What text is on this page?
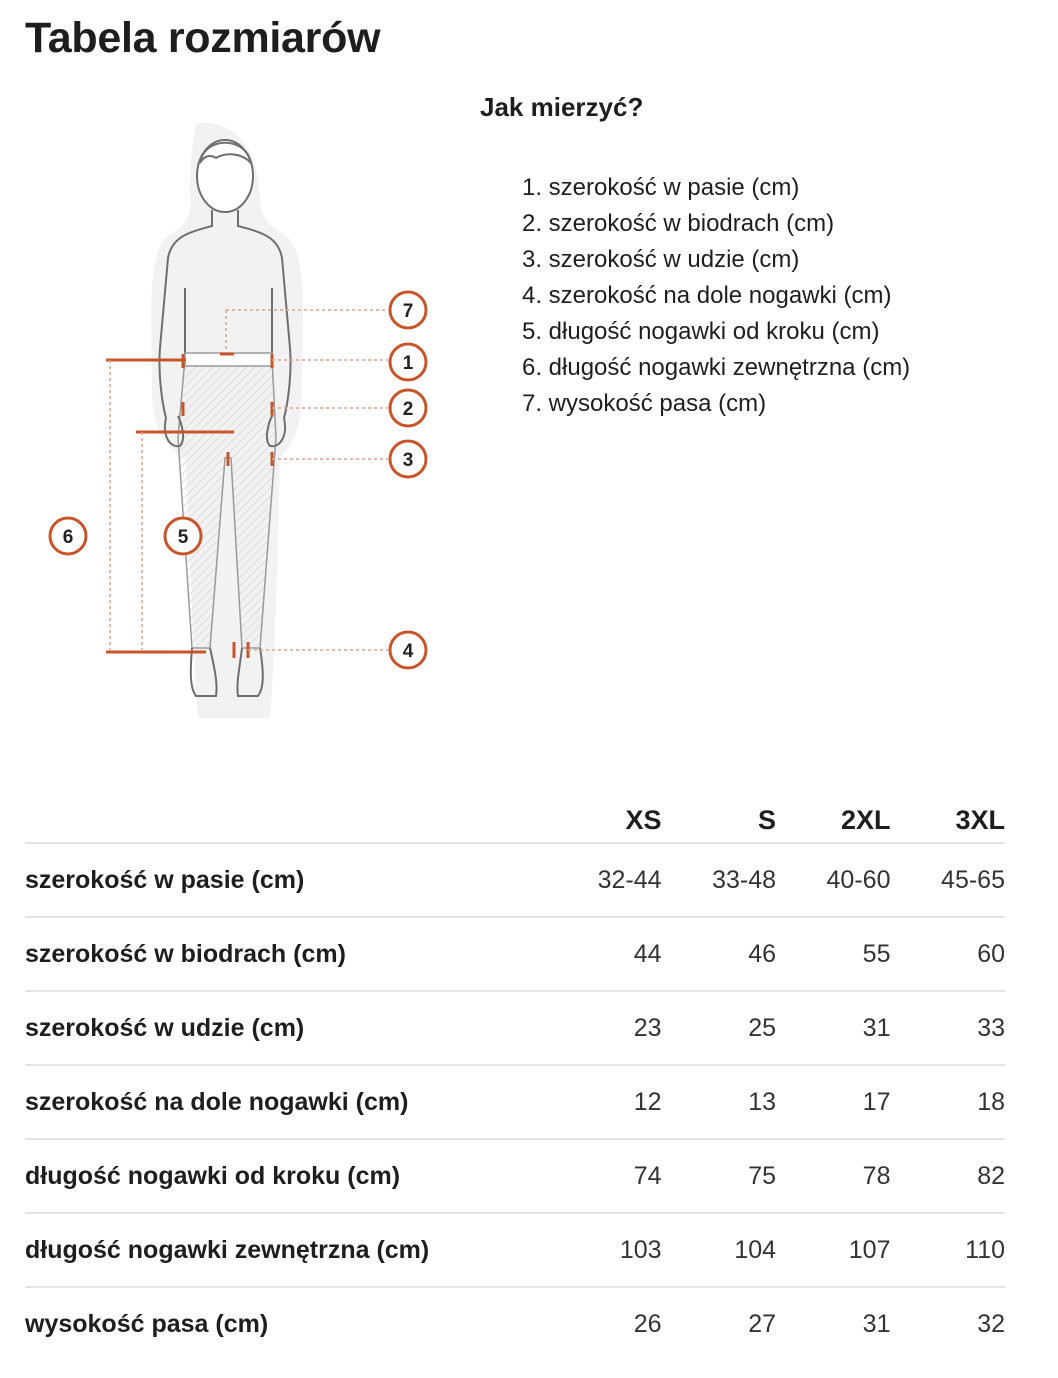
Tabela rozmiarów
7
1
2
3
4
5
6
Jak mierzyć?
1. szerokość w pasie (cm)
2. szerokość w biodrach (cm)
3. szerokość w udzie (cm)
4. szerokość na dole nogawki (cm)
5. długość nogawki od kroku (cm)
6. długość nogawki zewnętrzna (cm)
7. wysokość pasa (cm)
	XS	S	2XL	3XL
szerokość w pasie (cm)	32-44	33-48	40-60	45-65
szerokość w biodrach (cm)	44	46	55	60
szerokość w udzie (cm)	23	25	31	33
szerokość na dole nogawki (cm)	12	13	17	18
długość nogawki od kroku (cm)	74	75	78	82
długość nogawki zewnętrzna (cm)	103	104	107	110
wysokość pasa (cm)	26	27	31	32
